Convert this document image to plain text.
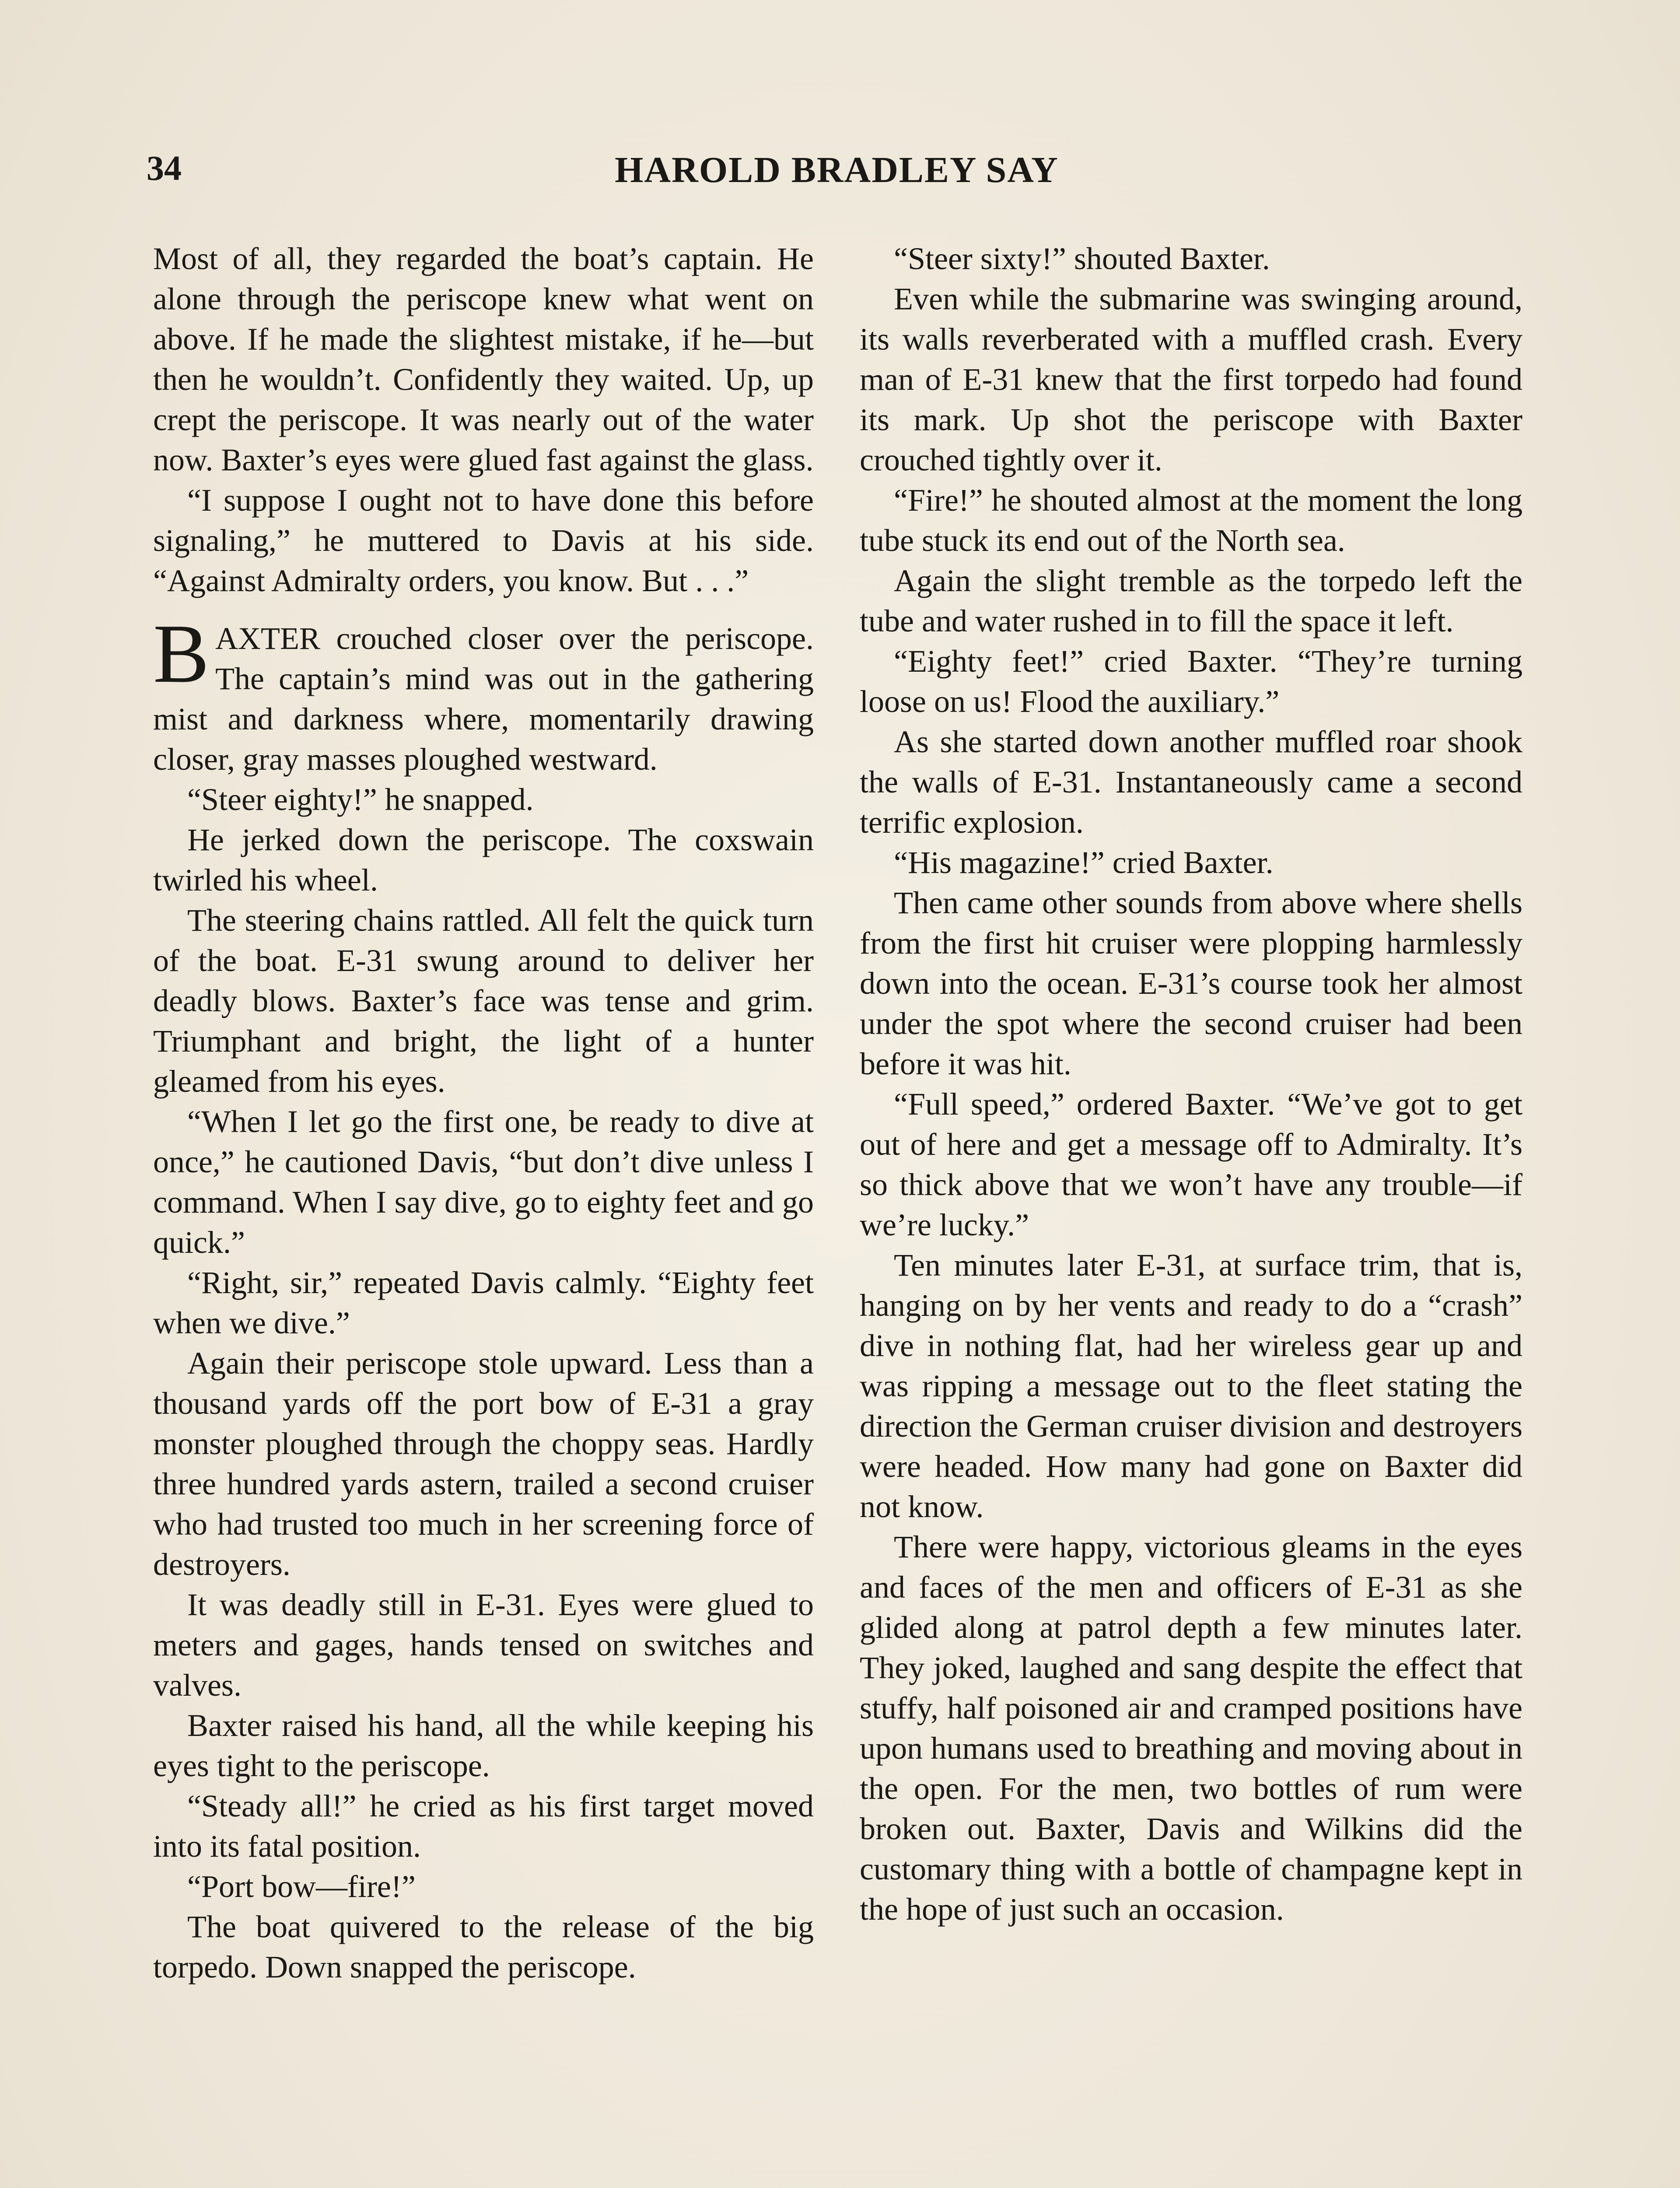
34	HAROLD BRADLEY SAY

Most of all, they regarded the boat’s captain. He alone through the periscope knew what went on above. If he made the slightest mistake, if he—but then he wouldn’t. Confidently they waited. Up, up crept the periscope. It was nearly out of the water now. Baxter’s eyes were glued fast against the glass.

“I suppose I ought not to have done this before signaling,” he muttered to Davis at his side. “Against Admiralty orders, you know. But . . .”

BAXTER crouched closer over the periscope. The captain’s mind was out in the gathering mist and darkness where, momentarily drawing closer, gray masses ploughed westward.

“Steer eighty!” he snapped.

He jerked down the periscope. The coxswain twirled his wheel.

The steering chains rattled. All felt the quick turn of the boat. E-31 swung around to deliver her deadly blows. Baxter’s face was tense and grim. Triumphant and bright, the light of a hunter gleamed from his eyes.

“When I let go the first one, be ready to dive at once,” he cautioned Davis, “but don’t dive unless I command. When I say dive, go to eighty feet and go quick.”

“Right, sir,” repeated Davis calmly. “Eighty feet when we dive.”

Again their periscope stole upward. Less than a thousand yards off the port bow of E-31 a gray monster ploughed through the choppy seas. Hardly three hundred yards astern, trailed a second cruiser who had trusted too much in her screening force of destroyers.

It was deadly still in E-31. Eyes were glued to meters and gages, hands tensed on switches and valves.

Baxter raised his hand, all the while keeping his eyes tight to the periscope.

“Steady all!” he cried as his first target moved into its fatal position.

“Port bow—fire!”

The boat quivered to the release of the big torpedo. Down snapped the periscope.

“Steer sixty!” shouted Baxter.

Even while the submarine was swinging around, its walls reverberated with a muffled crash. Every man of E-31 knew that the first torpedo had found its mark. Up shot the periscope with Baxter crouched tightly over it.

“Fire!” he shouted almost at the moment the long tube stuck its end out of the North sea.

Again the slight tremble as the torpedo left the tube and water rushed in to fill the space it left.

“Eighty feet!” cried Baxter. “They’re turning loose on us! Flood the auxiliary.”

As she started down another muffled roar shook the walls of E-31. Instantaneously came a second terrific explosion.

“His magazine!” cried Baxter.

Then came other sounds from above where shells from the first hit cruiser were plopping harmlessly down into the ocean. E-31’s course took her almost under the spot where the second cruiser had been before it was hit.

“Full speed,” ordered Baxter. “We’ve got to get out of here and get a message off to Admiralty. It’s so thick above that we won’t have any trouble—if we’re lucky.”

Ten minutes later E-31, at surface trim, that is, hanging on by her vents and ready to do a “crash” dive in nothing flat, had her wireless gear up and was ripping a message out to the fleet stating the direction the German cruiser division and destroyers were headed. How many had gone on Baxter did not know.

There were happy, victorious gleams in the eyes and faces of the men and officers of E-31 as she glided along at patrol depth a few minutes later. They joked, laughed and sang despite the effect that stuffy, half poisoned air and cramped positions have upon humans used to breathing and moving about in the open. For the men, two bottles of rum were broken out. Baxter, Davis and Wilkins did the customary thing with a bottle of champagne kept in the hope of just such an occasion.
